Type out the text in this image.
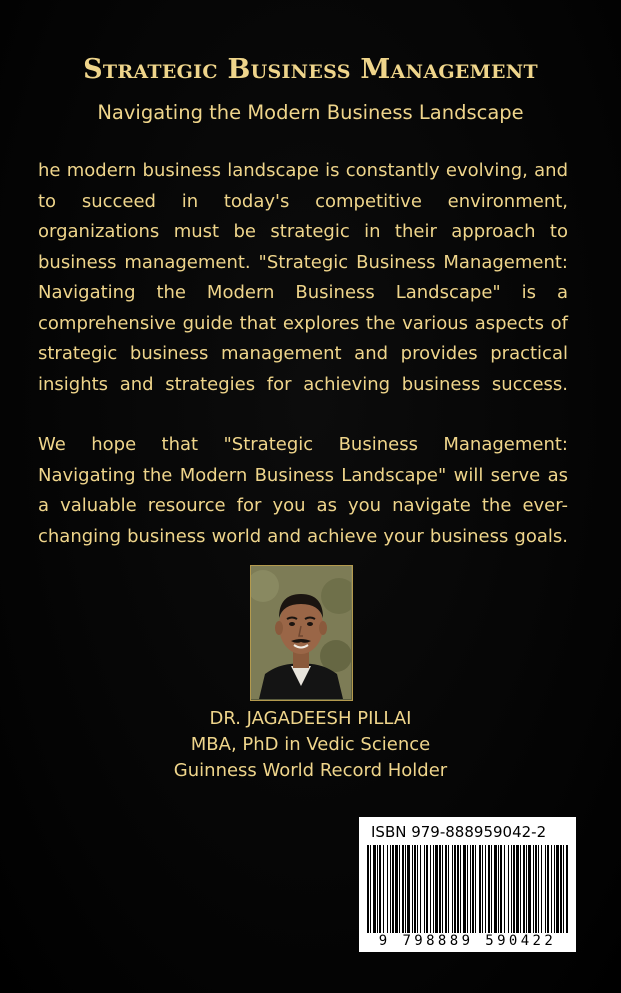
Strategic Business Management
Navigating the Modern Business Landscape

he modern business landscape is constantly evolving, and to succeed in today's competitive environment, organizations must be strategic in their approach to business management. "Strategic Business Management: Navigating the Modern Business Landscape" is a comprehensive guide that explores the various aspects of strategic business management and provides practical insights and strategies for achieving business success.

We hope that "Strategic Business Management: Navigating the Modern Business Landscape" will serve as a valuable resource for you as you navigate the ever-changing business world and achieve your business goals.

DR. JAGADEESH PILLAI
MBA, PhD in Vedic Science
Guinness World Record Holder
ISBN 979-888959042-2
9 798889 590422
